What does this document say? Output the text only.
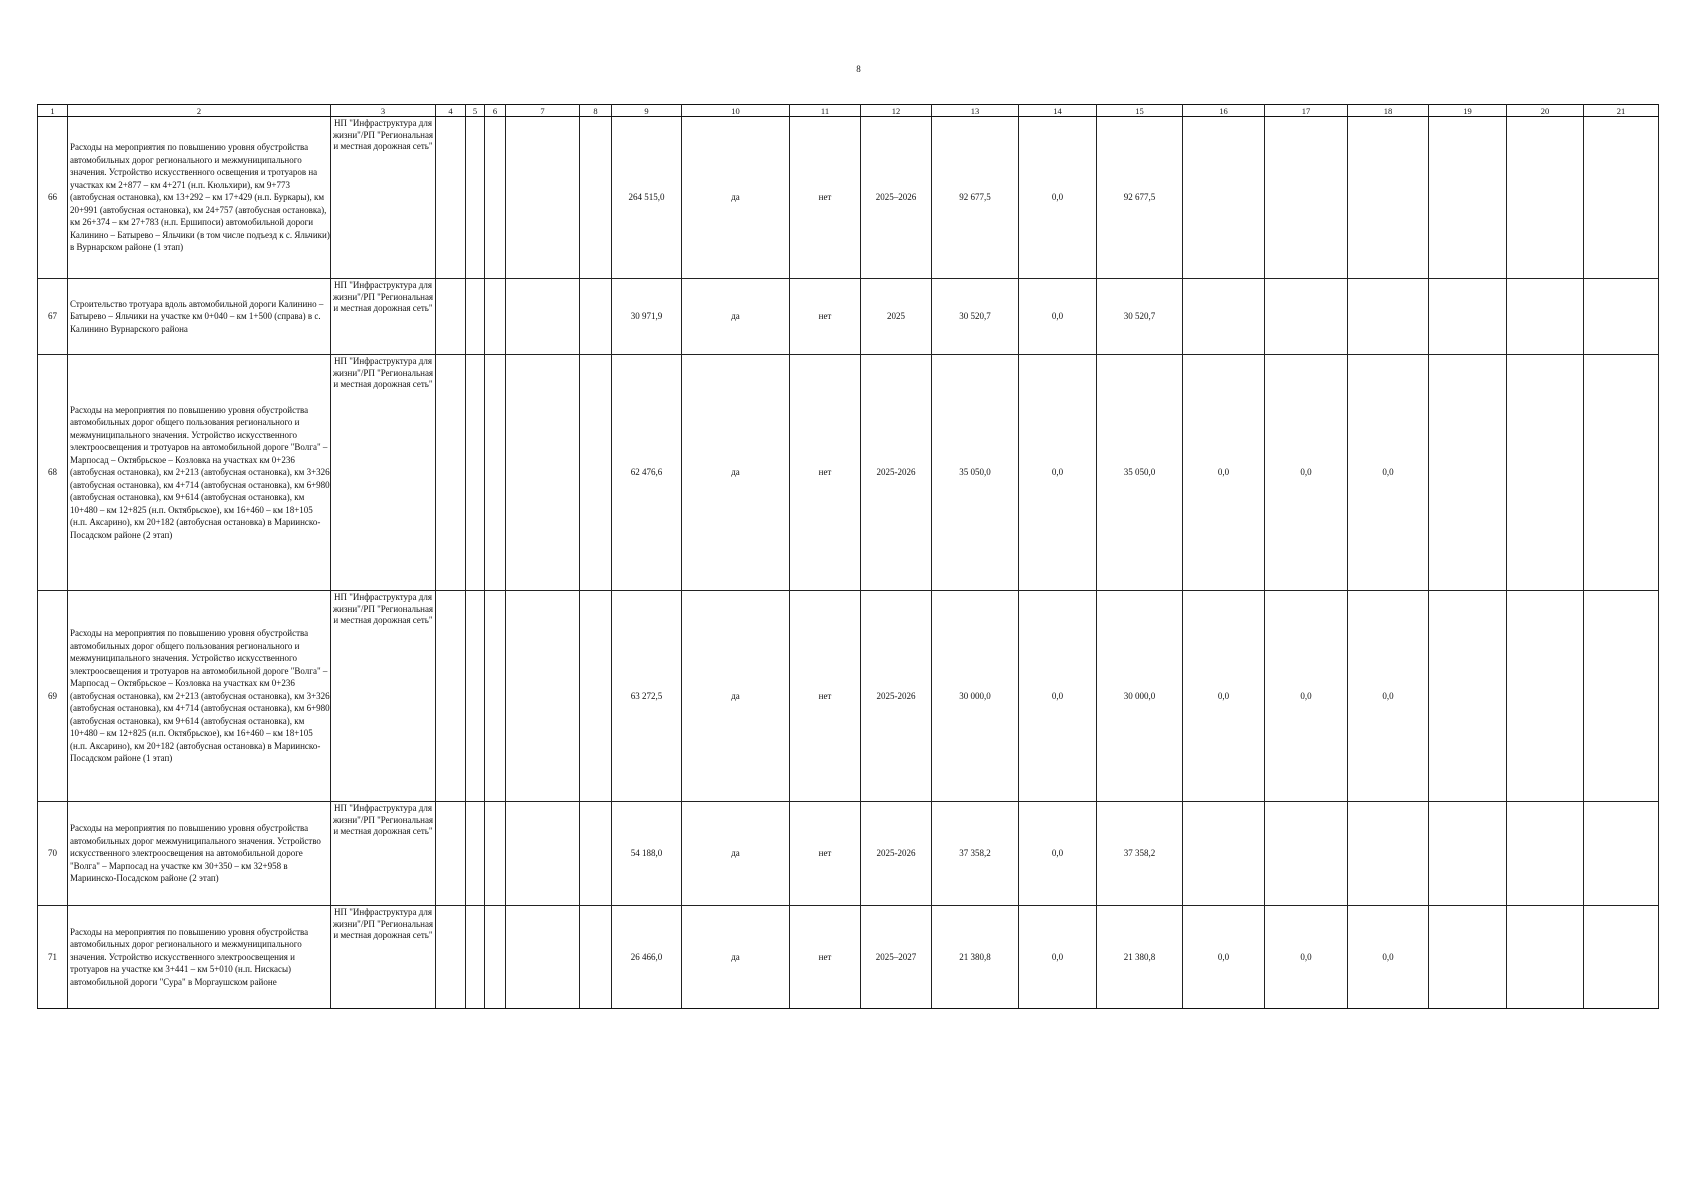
8
1	2	3	4	5	6	7	8	9	10	11	12	13	14	15	16	17	18	19	20	21
66	Расходы на мероприятия по повышению уровня обустройства автомобильных дорог регионального и межмуниципального значения. Устройство искусственного освещения и тротуаров на участках км 2+877 – км 4+271 (н.п. Кюльхири), км 9+773 (автобусная остановка), км 13+292 – км 17+429 (н.п. Буркары), км 20+991 (автобусная остановка), км 24+757 (автобусная остановка), км 26+374 – км 27+783 (н.п. Ершипоси) автомобильной дороги Калинино – Батырево – Яльчики (в том числе подъезд к с. Яльчики) в Вурнарском районе (1 этап)	НП "Инфраструктура для жизни"/РП "Региональная и местная дорожная сеть"						264 515,0	да	нет	2025–2026	92 677,5	0,0	92 677,5						
67	Строительство тротуара вдоль автомобильной дороги Калинино – Батырево – Яльчики на участке км 0+040 – км 1+500 (справа) в с. Калинино Вурнарского района	НП "Инфраструктура для жизни"/РП "Региональная и местная дорожная сеть"						30 971,9	да	нет	2025	30 520,7	0,0	30 520,7						
68	Расходы на мероприятия по повышению уровня обустройства автомобильных дорог общего пользования регионального и межмуниципального значения. Устройство искусственного электроосвещения и тротуаров на автомобильной дороге "Волга" – Марпосад – Октябрьское – Козловка на участках км 0+236 (автобусная остановка), км 2+213 (автобусная остановка), км 3+326 (автобусная остановка), км 4+714 (автобусная остановка), км 6+980 (автобусная остановка), км 9+614 (автобусная остановка), км 10+480 – км 12+825 (н.п. Октябрьское), км 16+460 – км 18+105 (н.п. Аксарино), км 20+182 (автобусная остановка) в Мариинско-Посадском районе (2 этап)	НП "Инфраструктура для жизни"/РП "Региональная и местная дорожная сеть"						62 476,6	да	нет	2025-2026	35 050,0	0,0	35 050,0	0,0	0,0	0,0			
69	Расходы на мероприятия по повышению уровня обустройства автомобильных дорог общего пользования регионального и межмуниципального значения. Устройство искусственного электроосвещения и тротуаров на автомобильной дороге "Волга" – Марпосад – Октябрьское – Козловка на участках км 0+236 (автобусная остановка), км 2+213 (автобусная остановка), км 3+326 (автобусная остановка), км 4+714 (автобусная остановка), км 6+980 (автобусная остановка), км 9+614 (автобусная остановка), км 10+480 – км 12+825 (н.п. Октябрьское), км 16+460 – км 18+105 (н.п. Аксарино), км 20+182 (автобусная остановка) в Мариинско-Посадском районе (1 этап)	НП "Инфраструктура для жизни"/РП "Региональная и местная дорожная сеть"						63 272,5	да	нет	2025-2026	30 000,0	0,0	30 000,0	0,0	0,0	0,0			
70	Расходы на мероприятия по повышению уровня обустройства автомобильных дорог межмуниципального значения. Устройство искусственного электроосвещения на автомобильной дороге "Волга" – Марпосад на участке км 30+350 – км 32+958 в Мариинско-Посадском районе (2 этап)	НП "Инфраструктура для жизни"/РП "Региональная и местная дорожная сеть"						54 188,0	да	нет	2025-2026	37 358,2	0,0	37 358,2						
71	Расходы на мероприятия по повышению уровня обустройства автомобильных дорог регионального и межмуниципального значения. Устройство искусственного электроосвещения и тротуаров на участке км 3+441 – км 5+010 (н.п. Нискасы) автомобильной дороги "Сура" в Моргаушском районе	НП "Инфраструктура для жизни"/РП "Региональная и местная дорожная сеть"						26 466,0	да	нет	2025–2027	21 380,8	0,0	21 380,8	0,0	0,0	0,0			
